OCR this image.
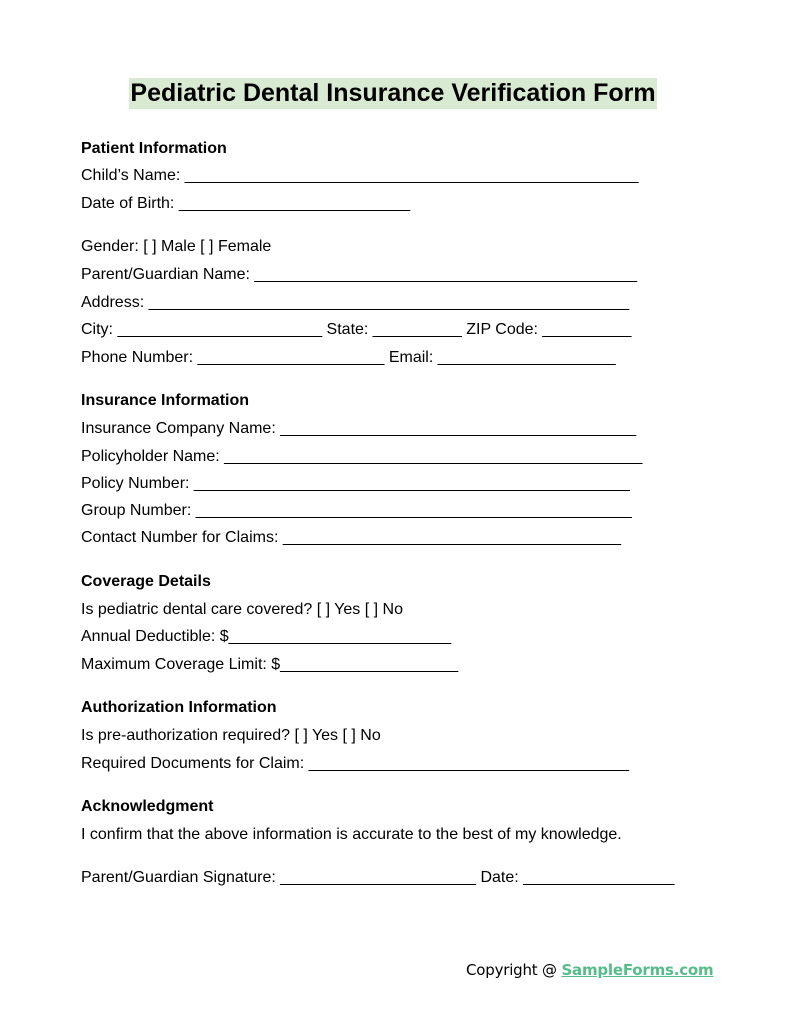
Pediatric Dental Insurance Verification Form
Patient Information
Child’s Name: ___________________________________________________
Date of Birth: __________________________
Gender: [ ] Male [ ] Female
Parent/Guardian Name: ___________________________________________
Address: ______________________________________________________
City: _______________________ State: __________ ZIP Code: __________
Phone Number: _____________________ Email: ____________________
Insurance Information
Insurance Company Name: ________________________________________
Policyholder Name: _______________________________________________
Policy Number: _________________________________________________
Group Number: _________________________________________________
Contact Number for Claims: ______________________________________
Coverage Details
Is pediatric dental care covered? [ ] Yes [ ] No
Annual Deductible: $_________________________
Maximum Coverage Limit: $____________________
Authorization Information
Is pre-authorization required? [ ] Yes [ ] No
Required Documents for Claim: ____________________________________
Acknowledgment
I confirm that the above information is accurate to the best of my knowledge.
Parent/Guardian Signature: ______________________ Date: _________________
Copyright @ SampleForms.com
